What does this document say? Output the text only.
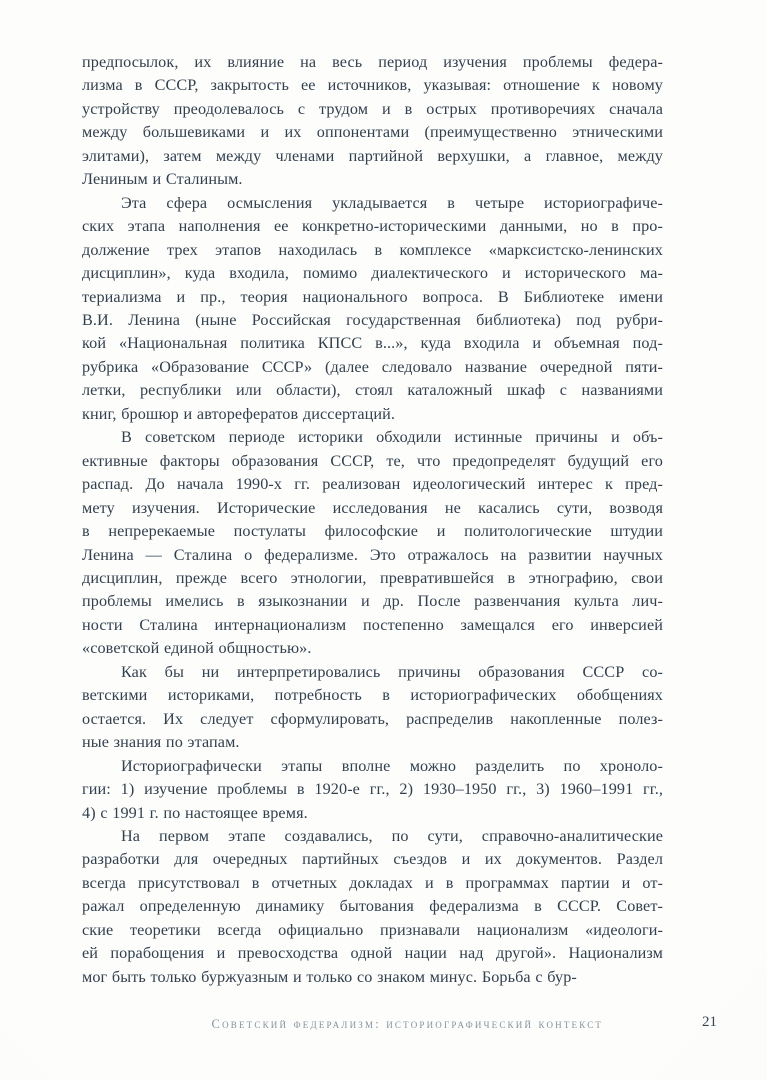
предпосылок, их влияние на весь период изучения проблемы федера-
лизма в СССР, закрытость ее источников, указывая: отношение к новому
устройству преодолевалось с трудом и в острых противоречиях сначала
между большевиками и их оппонентами (преимущественно этническими
элитами), затем между членами партийной верхушки, а главное, между
Лениным и Сталиным.
Эта сфера осмысления укладывается в четыре историографиче-
ских этапа наполнения ее конкретно-историческими данными, но в про-
должение трех этапов находилась в комплексе «марксистско-ленинских
дисциплин», куда входила, помимо диалектического и исторического ма-
териализма и пр., теория национального вопроса. В Библиотеке имени
В.И. Ленина (ныне Российская государственная библиотека) под рубри-
кой «Национальная политика КПСС в...», куда входила и объемная под-
рубрика «Образование СССР» (далее следовало название очередной пяти-
летки, республики или области), стоял каталожный шкаф с названиями
книг, брошюр и авторефератов диссертаций.
В советском периоде историки обходили истинные причины и объ-
ективные факторы образования СССР, те, что предопределят будущий его
распад. До начала 1990-х гг. реализован идеологический интерес к пред-
мету изучения. Исторические исследования не касались сути, возводя
в непререкаемые постулаты философские и политологические штудии
Ленина — Сталина о федерализме. Это отражалось на развитии научных
дисциплин, прежде всего этнологии, превратившейся в этнографию, свои
проблемы имелись в языкознании и др. После развенчания культа лич-
ности Сталина интернационализм постепенно замещался его инверсией
«советской единой общностью».
Как бы ни интерпретировались причины образования СССР со-
ветскими историками, потребность в историографических обобщениях
остается. Их следует сформулировать, распределив накопленные полез-
ные знания по этапам.
Историографически этапы вполне можно разделить по хроноло-
гии: 1) изучение проблемы в 1920-е гг., 2) 1930–1950 гг., 3) 1960–1991 гг.,
4) с 1991 г. по настоящее время.
На первом этапе создавались, по сути, справочно-аналитические
разработки для очередных партийных съездов и их документов. Раздел
всегда присутствовал в отчетных докладах и в программах партии и от-
ражал определенную динамику бытования федерализма в СССР. Совет-
ские теоретики всегда официально признавали национализм «идеологи-
ей порабощения и превосходства одной нации над другой». Национализм
мог быть только буржуазным и только со знаком минус. Борьба с бур-
Советский федерализм: историографический контекст	21
